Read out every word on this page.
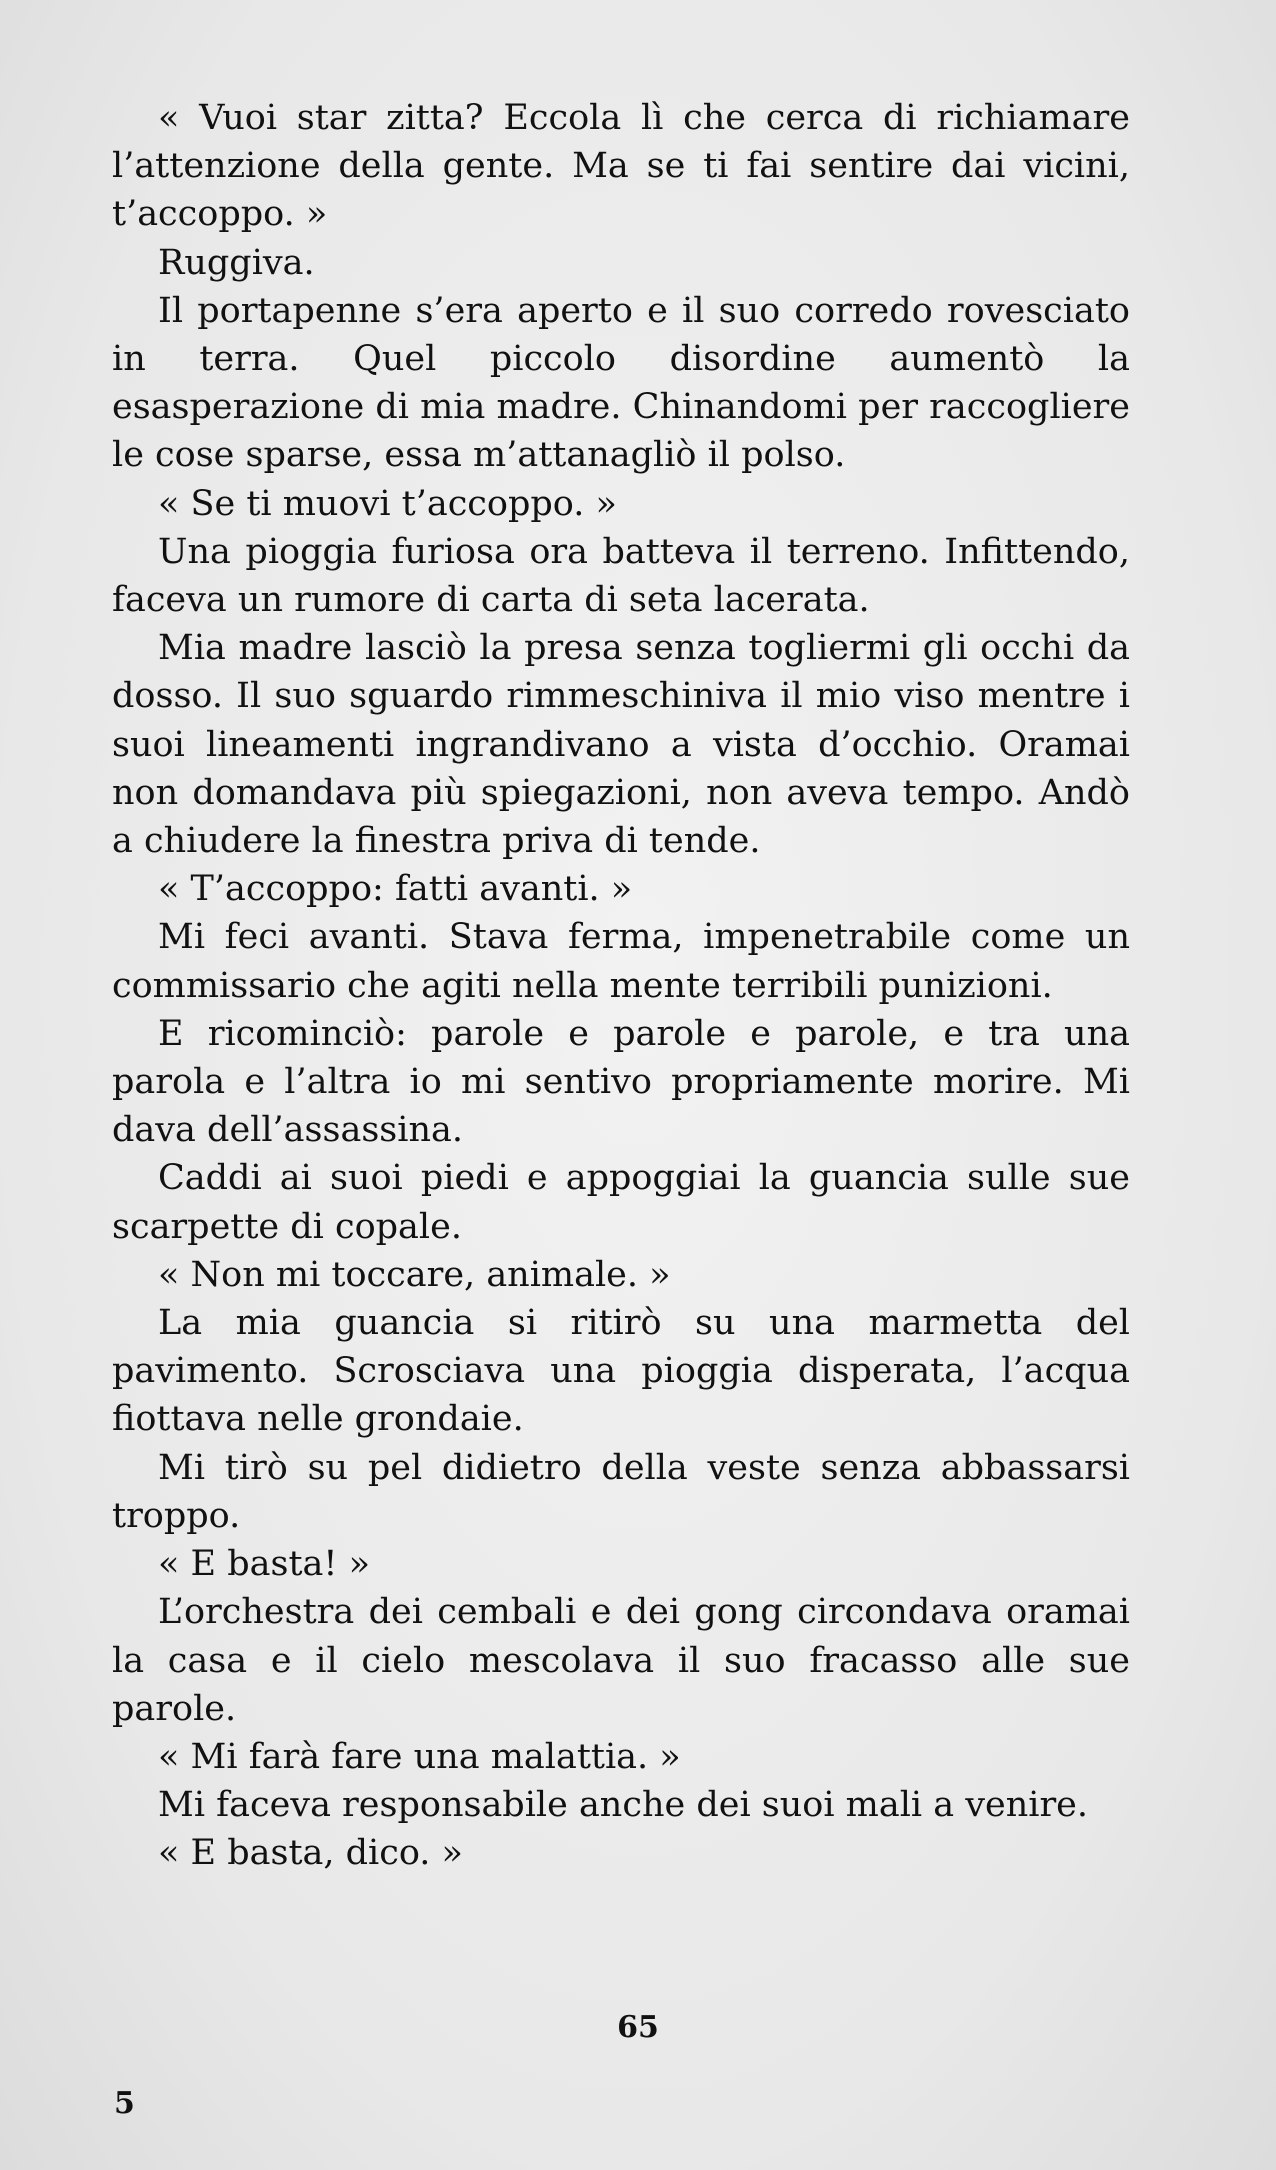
« Vuoi star zitta? Eccola lì che cerca di richiamare l’attenzione della gente. Ma se ti fai sentire dai vicini, t’accoppo. »

Ruggiva.

Il portapenne s’era aperto e il suo corredo rovesciato in terra. Quel piccolo disordine aumentò la esasperazione di mia madre. Chinandomi per raccogliere le cose sparse, essa m’attanagliò il polso.

« Se ti muovi t’accoppo. »

Una pioggia furiosa ora batteva il terreno. Infittendo, faceva un rumore di carta di seta lacerata.

Mia madre lasciò la presa senza togliermi gli occhi da dosso. Il suo sguardo rimmeschiniva il mio viso mentre i suoi lineamenti ingrandivano a vista d’occhio. Oramai non domandava più spiegazioni, non aveva tempo. Andò a chiudere la finestra priva di tende.

« T’accoppo: fatti avanti. »

Mi feci avanti. Stava ferma, impenetrabile come un commissario che agiti nella mente terribili punizioni.

E ricominciò: parole e parole e parole, e tra una parola e l’altra io mi sentivo propriamente morire. Mi dava dell’assassina.

Caddi ai suoi piedi e appoggiai la guancia sulle sue scarpette di copale.

« Non mi toccare, animale. »

La mia guancia si ritirò su una marmetta del pavimento. Scrosciava una pioggia disperata, l’acqua fiottava nelle grondaie.

Mi tirò su pel didietro della veste senza abbassarsi troppo.

« E basta! »

L’orchestra dei cembali e dei gong circondava oramai la casa e il cielo mescolava il suo fracasso alle sue parole.

« Mi farà fare una malattia. »

Mi faceva responsabile anche dei suoi mali a venire.

« E basta, dico. »

65
5
